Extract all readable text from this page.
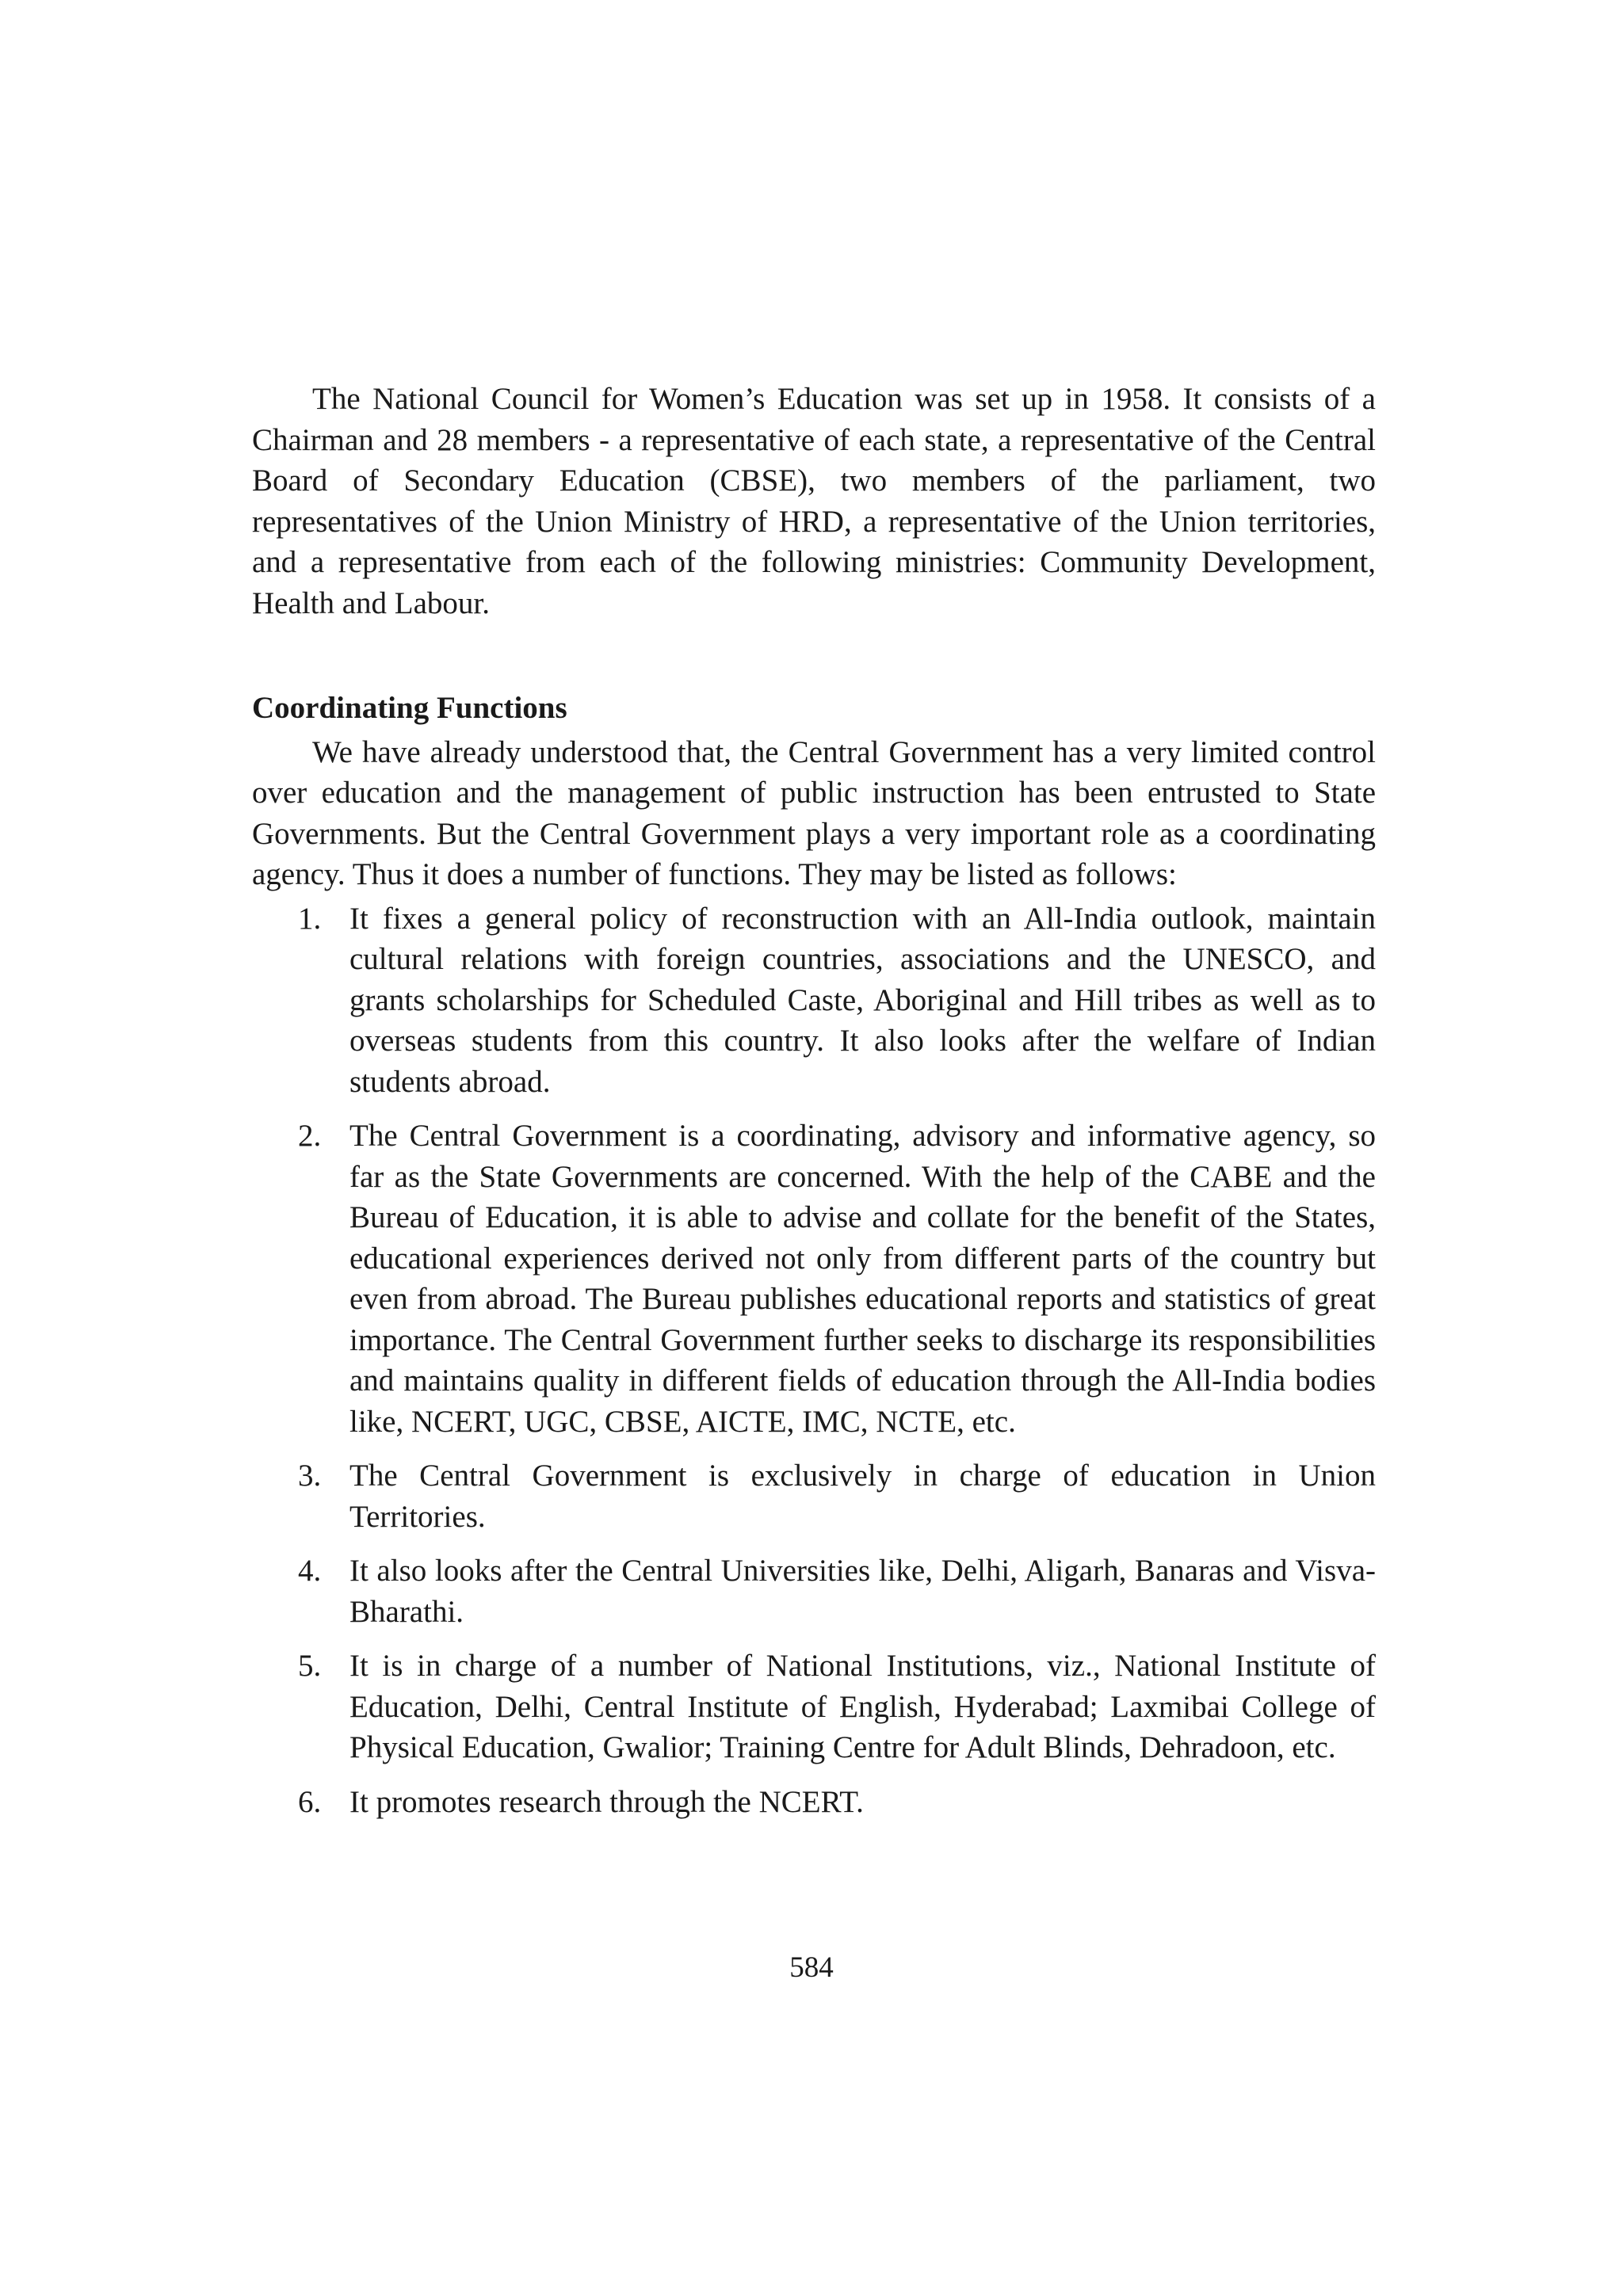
The National Council for Women’s Education was set up in 1958. It consists of a Chairman and 28 members - a representative of each state, a representative of the Central Board of Secondary Education (CBSE), two members of the parliament, two representatives of the Union Ministry of HRD, a representative of the Union territories, and a representative from each of the following ministries: Community Development, Health and Labour.

Coordinating Functions

We have already understood that, the Central Government has a very limited control over education and the management of public instruction has been entrusted to State Governments. But the Central Government plays a very important role as a coordinating agency. Thus it does a number of functions. They may be listed as follows:

1. It fixes a general policy of reconstruction with an All-India outlook, maintain cultural relations with foreign countries, associations and the UNESCO, and grants scholarships for Scheduled Caste, Aboriginal and Hill tribes as well as to overseas students from this country. It also looks after the welfare of Indian students abroad.
2. The Central Government is a coordinating, advisory and informative agency, so far as the State Governments are concerned. With the help of the CABE and the Bureau of Education, it is able to advise and collate for the benefit of the States, educational experiences derived not only from different parts of the country but even from abroad. The Bureau publishes educational reports and statistics of great importance. The Central Government further seeks to discharge its responsibilities and maintains quality in different fields of education through the All-India bodies like, NCERT, UGC, CBSE, AICTE, IMC, NCTE, etc.
3. The Central Government is exclusively in charge of education in Union Territories.
4. It also looks after the Central Universities like, Delhi, Aligarh, Banaras and Visva-Bharathi.
5. It is in charge of a number of National Institutions, viz., National Institute of Education, Delhi, Central Institute of English, Hyderabad; Laxmibai College of Physical Education, Gwalior; Training Centre for Adult Blinds, Dehradoon, etc.
6. It promotes research through the NCERT.
584
